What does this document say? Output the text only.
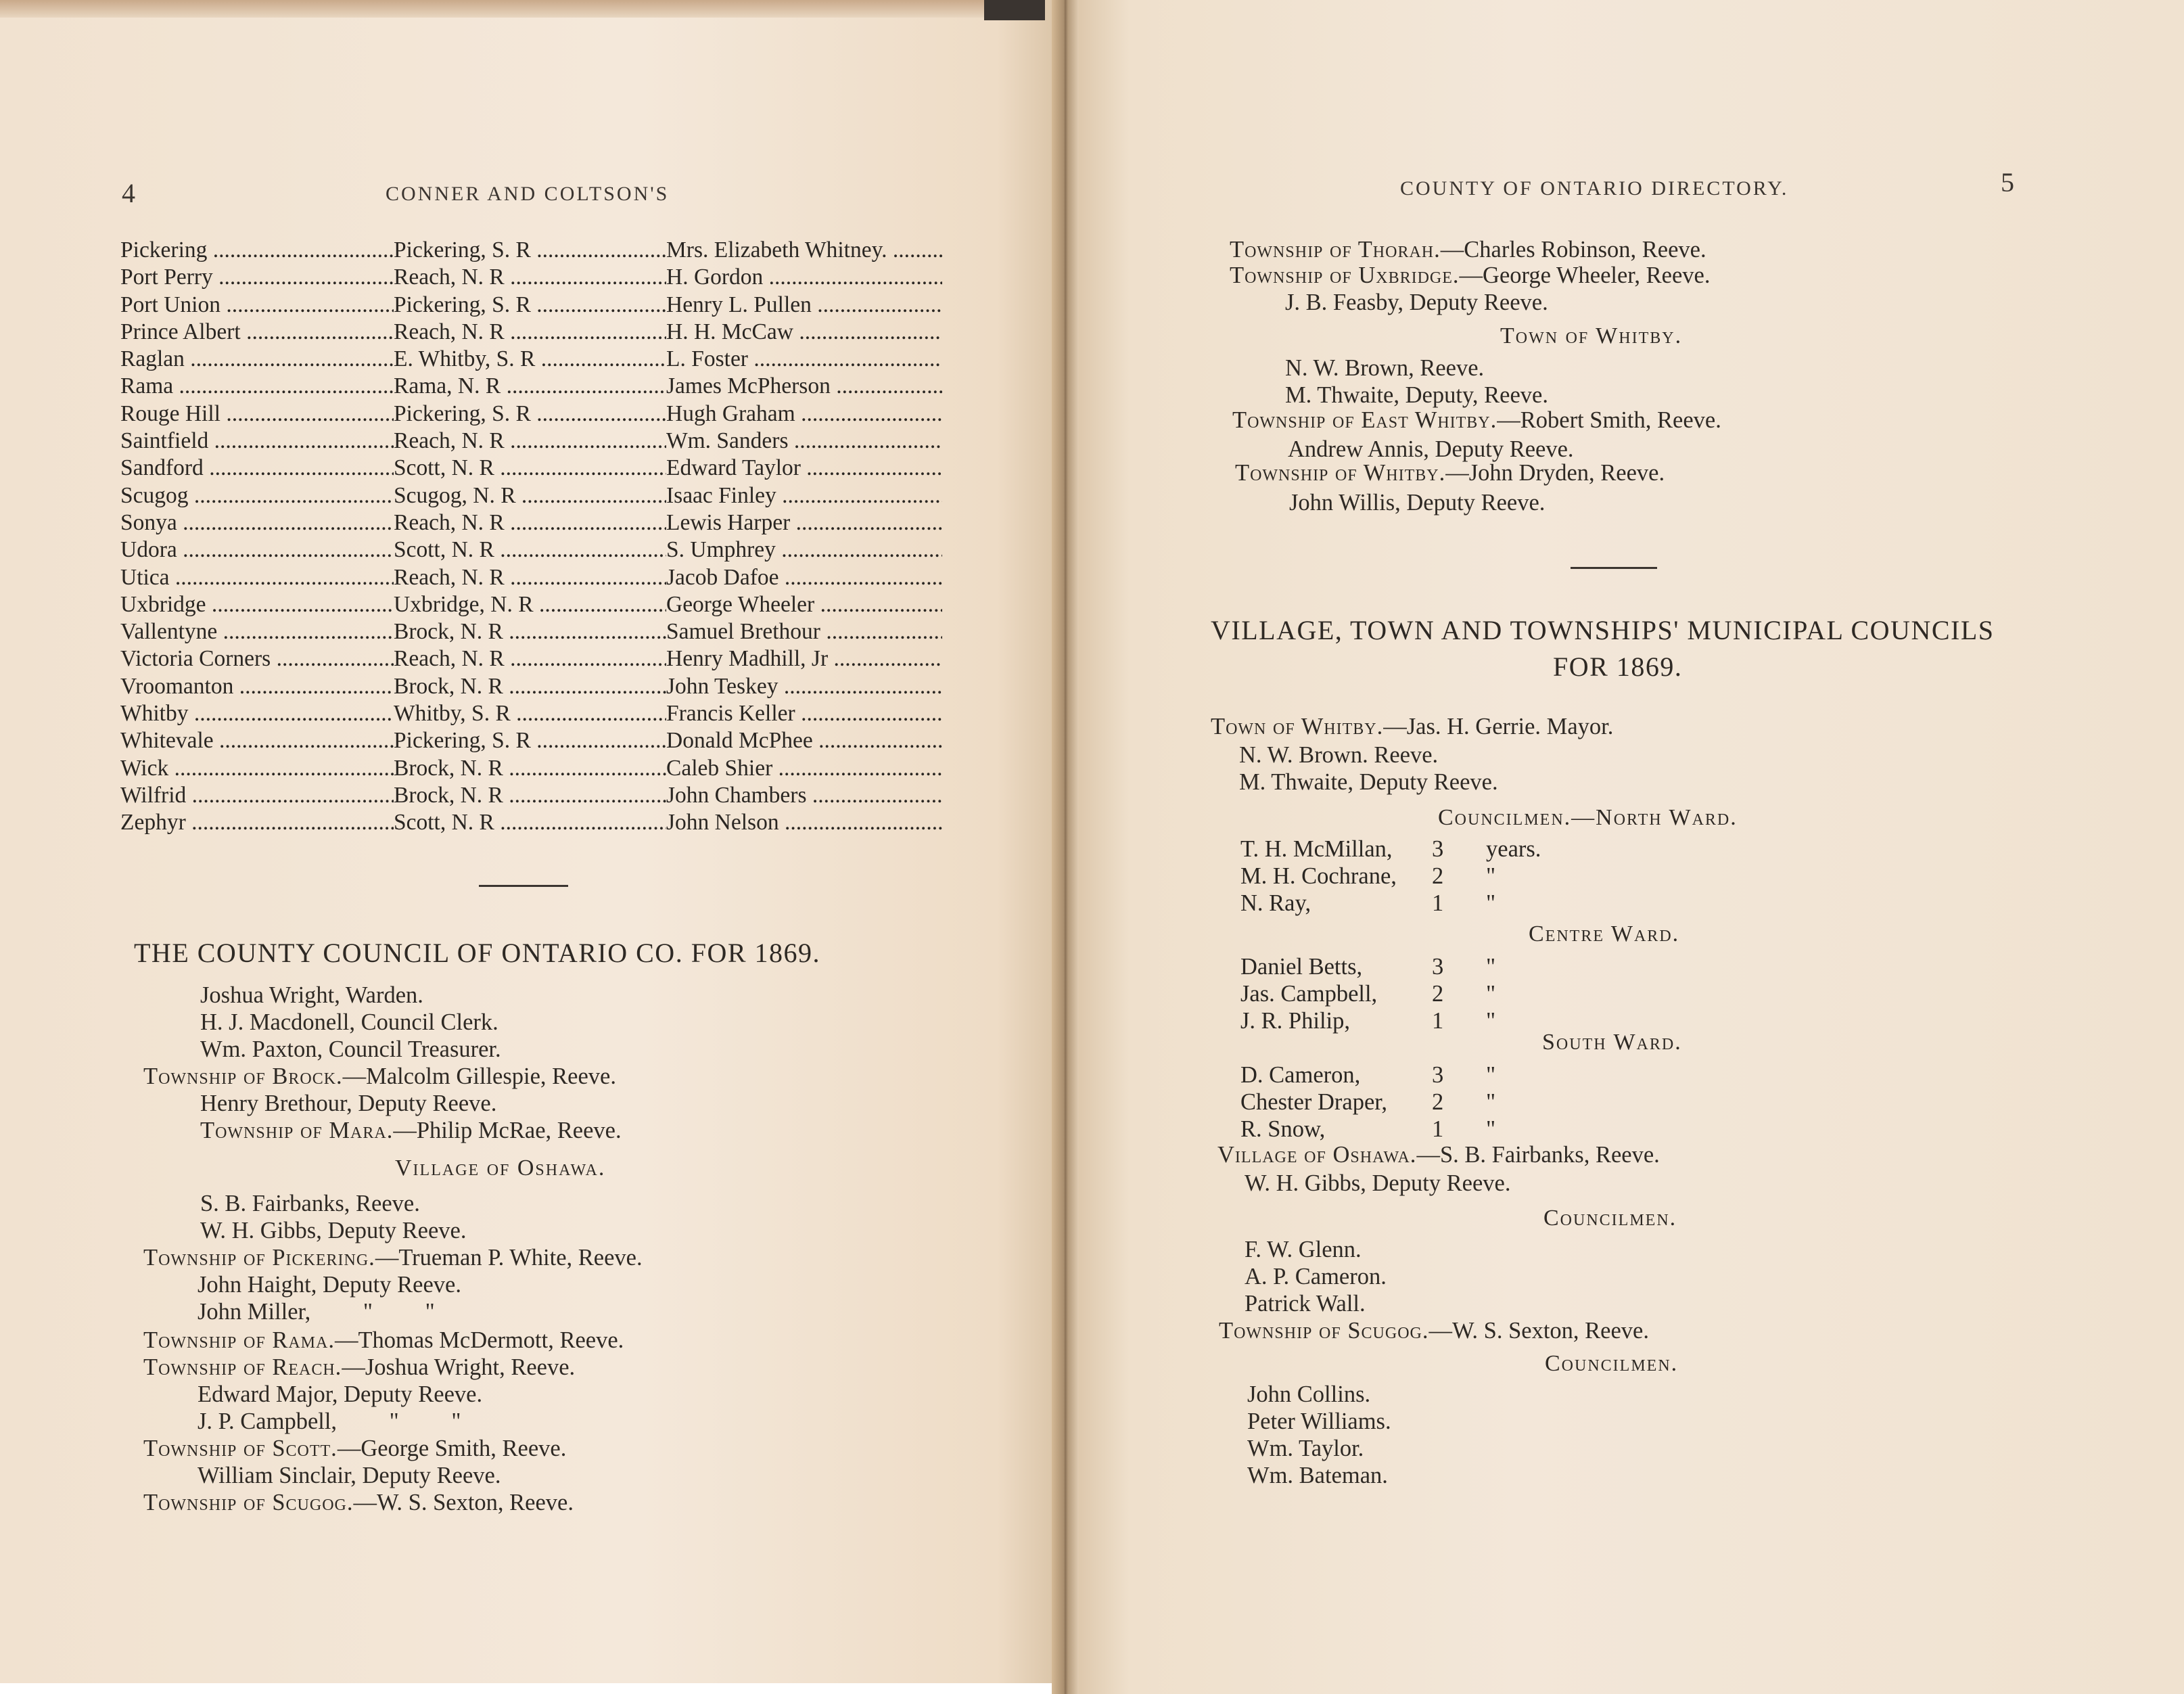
4	CONNER AND COLTSON'S
Pickering .....	Pickering, S. R .....	Mrs. Elizabeth Whitney. .....
Port Perry .....	Reach, N. R .....	H. Gordon .....
Port Union .....	Pickering, S. R .....	Henry L. Pullen .....
Prince Albert .....	Reach, N. R .....	H. H. McCaw .....
Raglan .....	E. Whitby, S. R .....	L. Foster .....
Rama .....	Rama, N. R .....	James McPherson .....
Rouge Hill .....	Pickering, S. R .....	Hugh Graham .....
Saintfield .....	Reach, N. R .....	Wm. Sanders .....
Sandford .....	Scott, N. R .....	Edward Taylor .....
Scugog .....	Scugog, N. R .....	Isaac Finley .....
Sonya .....	Reach, N. R .....	Lewis Harper .....
Udora .....	Scott, N. R .....	S. Umphrey .....
Utica .....	Reach, N. R .....	Jacob Dafoe .....
Uxbridge .....	Uxbridge, N. R .....	George Wheeler .....
Vallentyne .....	Brock, N. R .....	Samuel Brethour .....
Victoria Corners .....	Reach, N. R .....	Henry Madhill, Jr .....
Vroomanton .....	Brock, N. R .....	John Teskey .....
Whitby .....	Whitby, S. R .....	Francis Keller .....
Whitevale .....	Pickering, S. R .....	Donald McPhee .....
Wick .....	Brock, N. R .....	Caleb Shier .....
Wilfrid .....	Brock, N. R .....	John Chambers .....
Zephyr .....	Scott, N. R .....	John Nelson .....
THE COUNTY COUNCIL OF ONTARIO CO. FOR 1869.
Joshua Wright, Warden.
H. J. Macdonell, Council Clerk.
Wm. Paxton, Council Treasurer.
Township of Brock.—Malcolm Gillespie, Reeve.
Henry Brethour, Deputy Reeve.
Township of Mara.—Philip McRae, Reeve.
Village of Oshawa.
S. B. Fairbanks, Reeve.
W. H. Gibbs, Deputy Reeve.
Township of Pickering.—Trueman P. White, Reeve.
John Haight, Deputy Reeve.
John Miller,         "         "
Township of Rama.—Thomas McDermott, Reeve.
Township of Reach.—Joshua Wright, Reeve.
Edward Major, Deputy Reeve.
J. P. Campbell,         "         "
Township of Scott.—George Smith, Reeve.
William Sinclair, Deputy Reeve.
Township of Scugog.—W. S. Sexton, Reeve.
COUNTY OF ONTARIO DIRECTORY.	5
Township of Thorah.—Charles Robinson, Reeve.
Township of Uxbridge.—George Wheeler, Reeve.
J. B. Feasby, Deputy Reeve.
Town of Whitby.
N. W. Brown, Reeve.
M. Thwaite, Deputy, Reeve.
Township of East Whitby.—Robert Smith, Reeve.
Andrew Annis, Deputy Reeve.
Township of Whitby.—John Dryden, Reeve.
John Willis, Deputy Reeve.
VILLAGE, TOWN AND TOWNSHIPS' MUNICIPAL COUNCILS
FOR 1869.
Town of Whitby.—Jas. H. Gerrie. Mayor.
N. W. Brown. Reeve.
M. Thwaite, Deputy Reeve.
Councilmen.—North Ward.
T. H. McMillan,	3	years.
M. H. Cochrane,	2	"
N. Ray,	1	"
Centre Ward.
Daniel Betts,	3	"
Jas. Campbell,	2	"
J. R. Philip,	1	"
South Ward.
D. Cameron,	3	"
Chester Draper,	2	"
R. Snow,	1	"
Village of Oshawa.—S. B. Fairbanks, Reeve.
W. H. Gibbs, Deputy Reeve.
Councilmen.
F. W. Glenn.
A. P. Cameron.
Patrick Wall.
Township of Scugog.—W. S. Sexton, Reeve.
Councilmen.
John Collins.
Peter Williams.
Wm. Taylor.
Wm. Bateman.
